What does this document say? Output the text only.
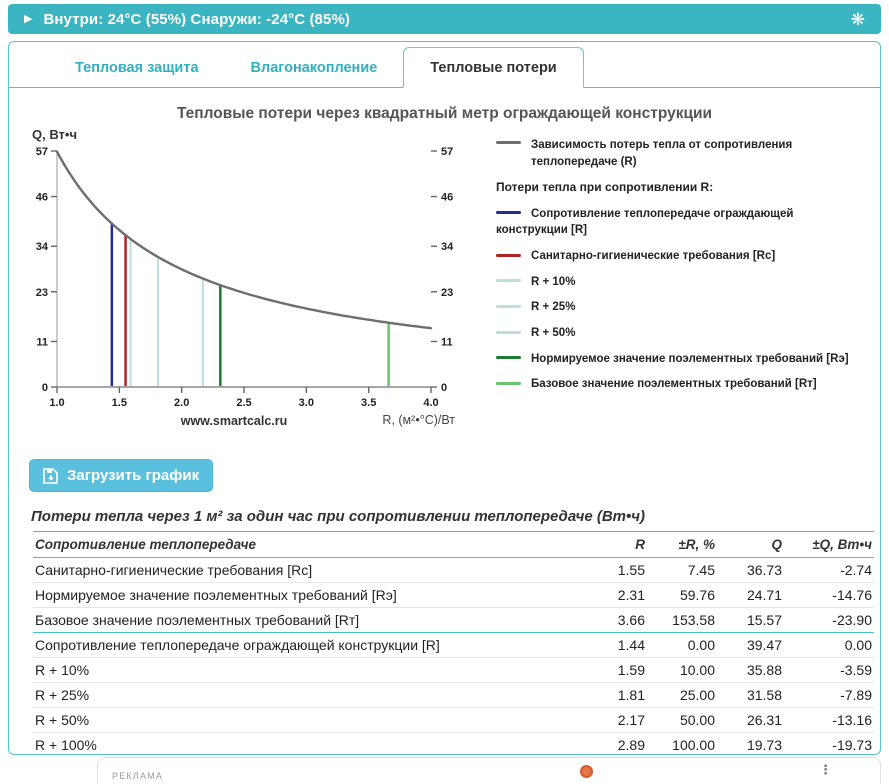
▶ Внутри: 24°C (55%) Снаружи: -24°C (85%)	❋
Тепловая защита	Влагонакопление	Тепловые потери
Тепловые потери через квадратный метр ограждающей конструкции
0	0
11	11
23	23
34	34
46	46
57	57
1.0	1.5	2.0	2.5	3.0	3.5	4.0
Q, Вт•ч
R, (м²•°С)/Вт
www.smartcalc.ru
Зависимость потерь тепла от сопротивления теплопередаче (R)
Потери тепла при сопротивлении R:
Сопротивление теплопередаче ограждающей конструкции [R]
Санитарно-гигиенические требования [Rc]
R + 10%
R + 25%
R + 50%
Нормируемое значение поэлементных требований [Rэ]
Базовое значение поэлементных требований [Rт]
Загрузить график
Потери тепла через 1 м² за один час при сопротивлении теплопередаче (Вт•ч)
Сопротивление теплопередаче	R	±R, %	Q	±Q, Вт•ч
Санитарно-гигиенические требования [Rc]	1.55	7.45	36.73	-2.74
Нормируемое значение поэлементных требований [Rэ]	2.31	59.76	24.71	-14.76
Базовое значение поэлементных требований [Rт]	3.66	153.58	15.57	-23.90
Сопротивление теплопередаче ограждающей конструкции [R]	1.44	0.00	39.47	0.00
R + 10%	1.59	10.00	35.88	-3.59
R + 25%	1.81	25.00	31.58	-7.89
R + 50%	2.17	50.00	26.31	-13.16
R + 100%	2.89	100.00	19.73	-19.73
РЕКЛАМА	⋮
